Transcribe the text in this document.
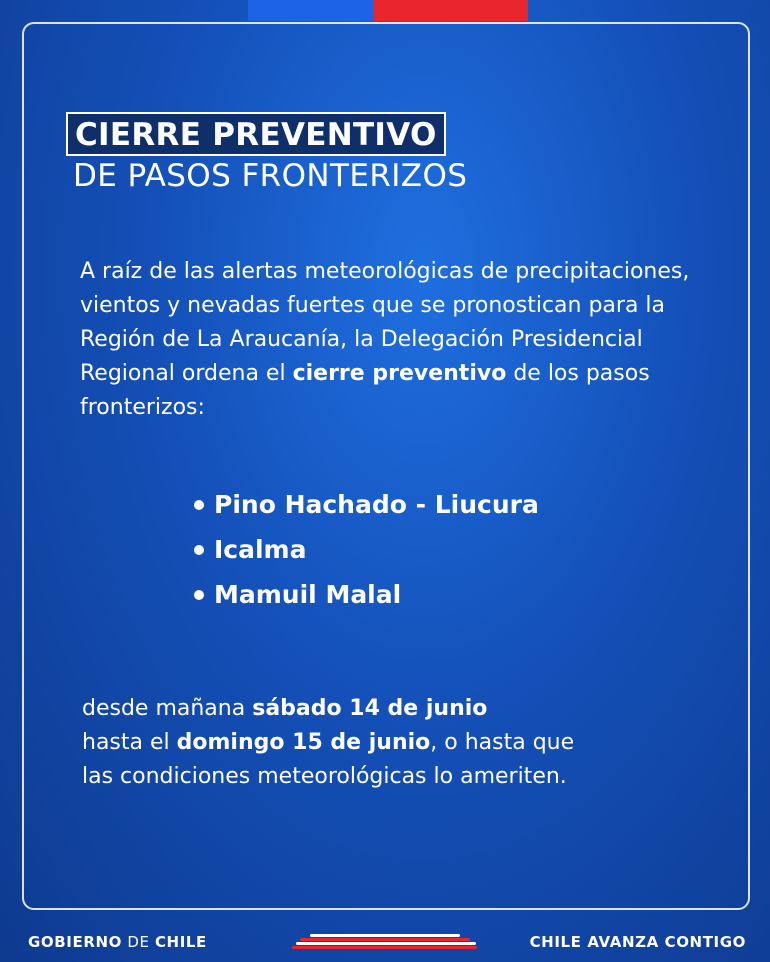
CIERRE PREVENTIVO
DE PASOS FRONTERIZOS
A raíz de las alertas meteorológicas de precipitaciones, vientos y nevadas fuertes que se pronostican para la Región de La Araucanía, la Delegación Presidencial Regional ordena el cierre preventivo de los pasos fronterizos:
Pino Hachado - Liucura
Icalma
Mamuil Malal
desde mañana sábado 14 de junio
hasta el domingo 15 de junio, o hasta que
las condiciones meteorológicas lo ameriten.
GOBIERNO DE CHILE	CHILE AVANZA CONTIGO
